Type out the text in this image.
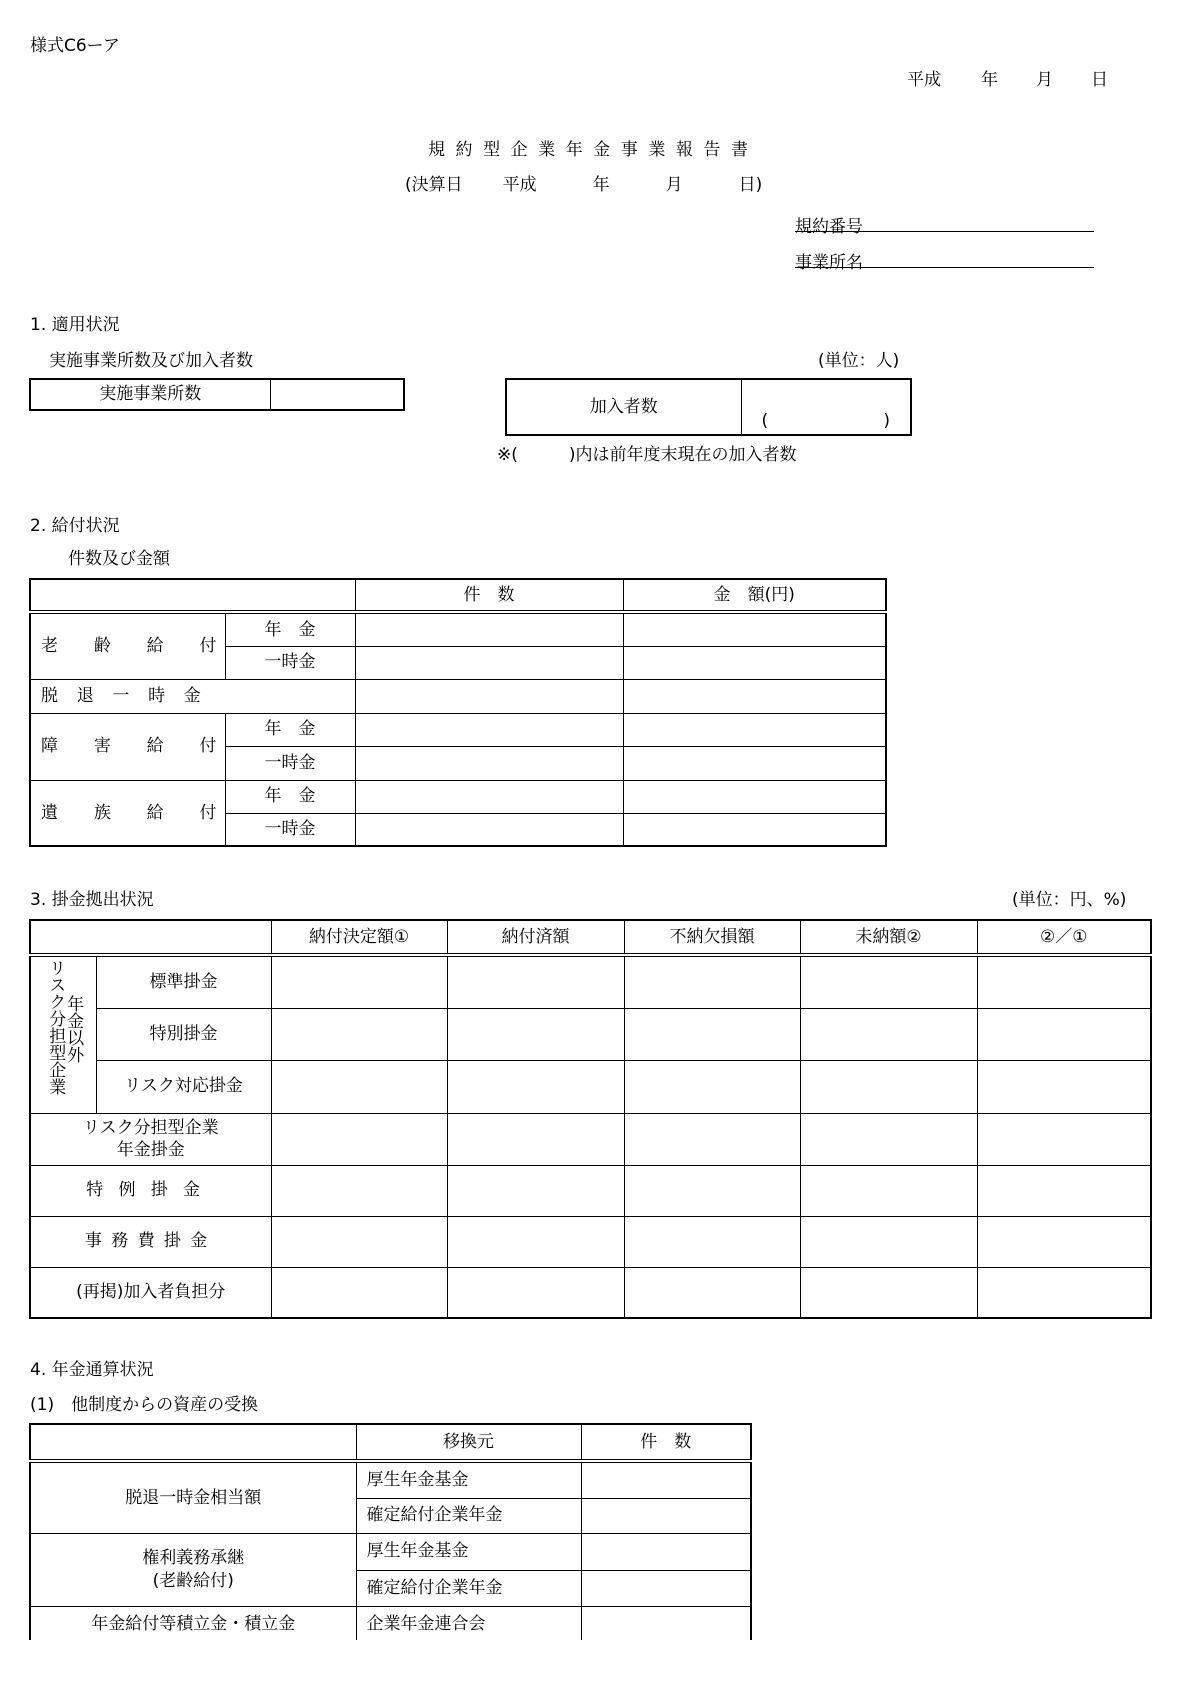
様式C6ーア
平成 年 月 日
規約型企業年金事業報告書
(決算日 平成	年	月	日)
規約番号
事業所名
1. 適用状況
実施事業所数及び加入者数	(単位：人)
実施事業所数	
加入者数	
(	)
※(　　　)内は前年度末現在の加入者数
2. 給付状況
件数及び金額
		件　数	金　額(円)

老 齢 給 付	年　金		
	一時金		
脱退一時金			

障 害 給 付	年　金		
	一時金		

遺 族 給 付	年　金		
	一時金		
3. 掛金拠出状況	(単位：円、%)
		納付決定額①	納付済額	不納欠損額	未納額②	②／①
リスク分担型企業年金以外	標準掛金					
	特別掛金					
	リスク対応掛金					

リスク分担型企業
年金掛金						

特例掛金						
事務費掛金						
(再掲)加入者負担分						
4. 年金通算状況
(1)　他制度からの資産の受換
	移換元	件　数
脱退一時金相当額	厚生年金基金	
	確定給付企業年金	

権利義務承継
(老齢給付)	厚生年金基金	
	確定給付企業年金	
年金給付等積立金・積立金	企業年金連合会	
